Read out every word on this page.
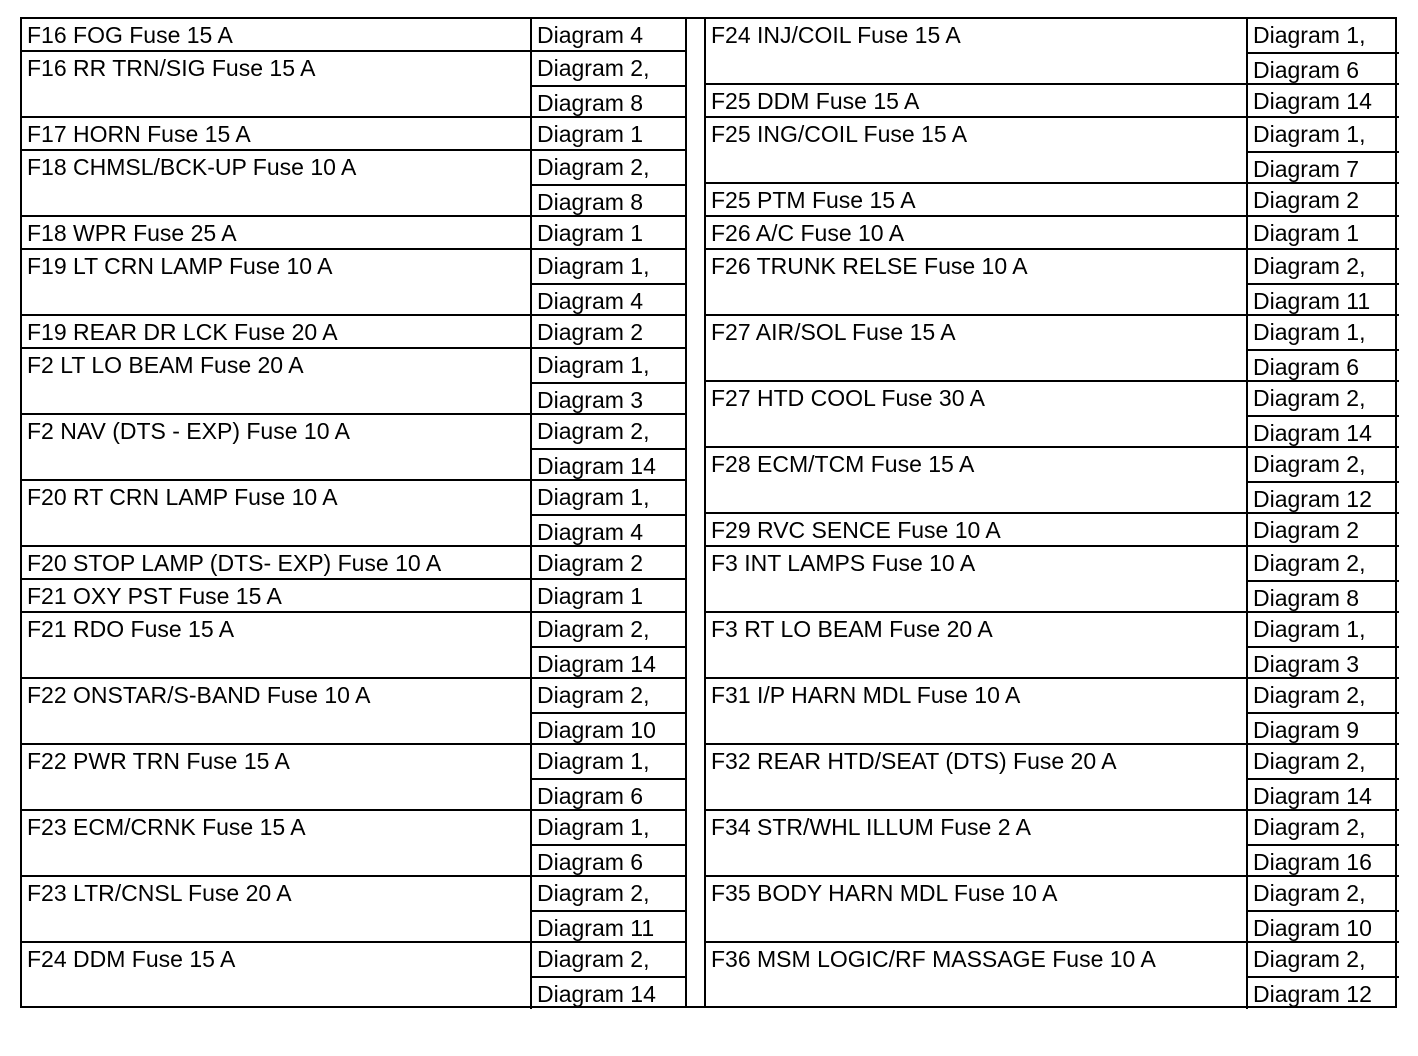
F16 FOG Fuse 15 A	Diagram 4
F16 RR TRN/SIG Fuse 15 A	Diagram 2,
Diagram 8
F17 HORN Fuse 15 A	Diagram 1
F18 CHMSL/BCK-UP Fuse 10 A	Diagram 2,
Diagram 8
F18 WPR Fuse 25 A	Diagram 1
F19 LT CRN LAMP Fuse 10 A	Diagram 1,
Diagram 4
F19 REAR DR LCK Fuse 20 A	Diagram 2
F2 LT LO BEAM Fuse 20 A	Diagram 1,
Diagram 3
F2 NAV (DTS - EXP) Fuse 10 A	Diagram 2,
Diagram 14
F20 RT CRN LAMP Fuse 10 A	Diagram 1,
Diagram 4
F20 STOP LAMP (DTS- EXP) Fuse 10 A	Diagram 2
F21 OXY PST Fuse 15 A	Diagram 1
F21 RDO Fuse 15 A	Diagram 2,
Diagram 14
F22 ONSTAR/S-BAND Fuse 10 A	Diagram 2,
Diagram 10
F22 PWR TRN Fuse 15 A	Diagram 1,
Diagram 6
F23 ECM/CRNK Fuse 15 A	Diagram 1,
Diagram 6
F23 LTR/CNSL Fuse 20 A	Diagram 2,
Diagram 11
F24 DDM Fuse 15 A	Diagram 2,
Diagram 14
F24 INJ/COIL Fuse 15 A	Diagram 1,
Diagram 6
F25 DDM Fuse 15 A	Diagram 14
F25 ING/COIL Fuse 15 A	Diagram 1,
Diagram 7
F25 PTM Fuse 15 A	Diagram 2
F26 A/C Fuse 10 A	Diagram 1
F26 TRUNK RELSE Fuse 10 A	Diagram 2,
Diagram 11
F27 AIR/SOL Fuse 15 A	Diagram 1,
Diagram 6
F27 HTD COOL Fuse 30 A	Diagram 2,
Diagram 14
F28 ECM/TCM Fuse 15 A	Diagram 2,
Diagram 12
F29 RVC SENCE Fuse 10 A	Diagram 2
F3 INT LAMPS Fuse 10 A	Diagram 2,
Diagram 8
F3 RT LO BEAM Fuse 20 A	Diagram 1,
Diagram 3
F31 I/P HARN MDL Fuse 10 A	Diagram 2,
Diagram 9
F32 REAR HTD/SEAT (DTS) Fuse 20 A	Diagram 2,
Diagram 14
F34 STR/WHL ILLUM Fuse 2 A	Diagram 2,
Diagram 16
F35 BODY HARN MDL Fuse 10 A	Diagram 2,
Diagram 10
F36 MSM LOGIC/RF MASSAGE Fuse 10 A	Diagram 2,
Diagram 12
